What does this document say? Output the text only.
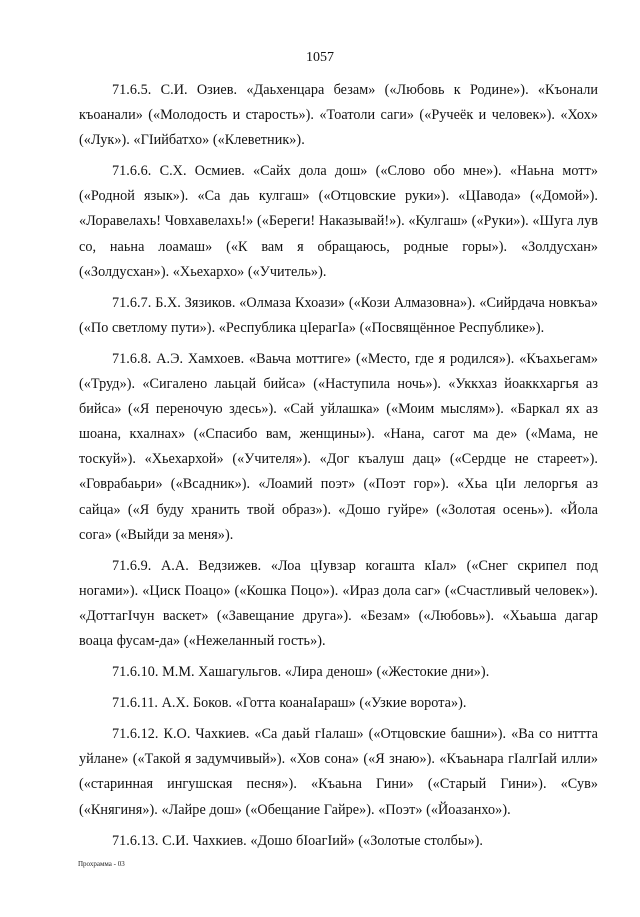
1057

71.6.5. С.И. Озиев. «Даьхенцара безам» («Любовь к Родине»). «Къонали къоанали» («Молодость и старость»). «Тоатоли саги» («Ручеёк и человек»). «Хох» («Лук»). «ГӀийбатхо» («Клеветник»).

71.6.6. С.Х. Осмиев. «Сайх дола дош» («Слово обо мне»). «Наьна мотт» («Родной язык»). «Са даь кулгаш» («Отцовские руки»). «ЦӀавода» («Домой»). «Лоравелахь! Човхавелахь!» («Береги! Наказывай!»). «Кулгаш» («Руки»). «Шуга лув со, наьна лоамаш» («К вам я обращаюсь, родные горы»). «Золдусхан» («Золдусхан»). «Хьехархо» («Учитель»).

71.6.7. Б.Х. Зязиков. «Олмаза Кхоази» («Кози Алмазовна»). «Сийрдача новкъа» («По светлому пути»). «Республика цӀерагӀа» («Посвящённое Республике»).

71.6.8. А.Э. Хамхоев. «Ваьча моттиге» («Место, где я родился»). «Къахьегам» («Труд»). «Сигалено лаьцай бийса» («Наступила ночь»). «Уккхаз йоаккхаргья аз бийса» («Я переночую здесь»). «Сай уйлашка» («Моим мыслям»). «Баркал ях аз шоана, кхалнах» («Спасибо вам, женщины»). «Нана, сагот ма де» («Мама, не тоскуй»). «Хьехархой» («Учителя»). «Дог къалуш дац» («Сердце не стареет»). «Говрабаьри» («Всадник»). «Лоамий поэт» («Поэт гор»). «Хьа цӀи лелоргья аз сайца» («Я буду хранить твой образ»). «Дошо гуйре» («Золотая осень»). «Йола сога» («Выйди за меня»).

71.6.9. А.А. Ведзижев. «Лоа цӀувзар когашта кӀал» («Снег скрипел под ногами»). «Циск Поацо» («Кошка Поцо»). «Ираз дола саг» («Счастливый человек»). «ДоттагӀчун васкет» («Завещание друга»). «Безам» («Любовь»). «Хьаьша дагар воаца фусам-да» («Нежеланный гость»).

71.6.10. М.М. Хашагульгов. «Лира денош» («Жестокие дни»).

71.6.11. А.Х. Боков. «Готта коанаӀараш» («Узкие ворота»).

71.6.12. К.О. Чахкиев. «Са даьй гӀалаш» («Отцовские башни»). «Ва со ниттта уйлане» («Такой я задумчивый»). «Хов сона» («Я знаю»). «Къаьнара гӀалгӀай илли» («старинная ингушская песня»). «Къаьна Гини» («Старый Гини»). «Сув» («Княгиня»). «Лайре дош» («Обещание Гайре»). «Поэт» («Йоазанхо»).

71.6.13. С.И. Чахкиев. «Дошо бӀоагӀий» («Золотые столбы»).

Прохрамма - 03
